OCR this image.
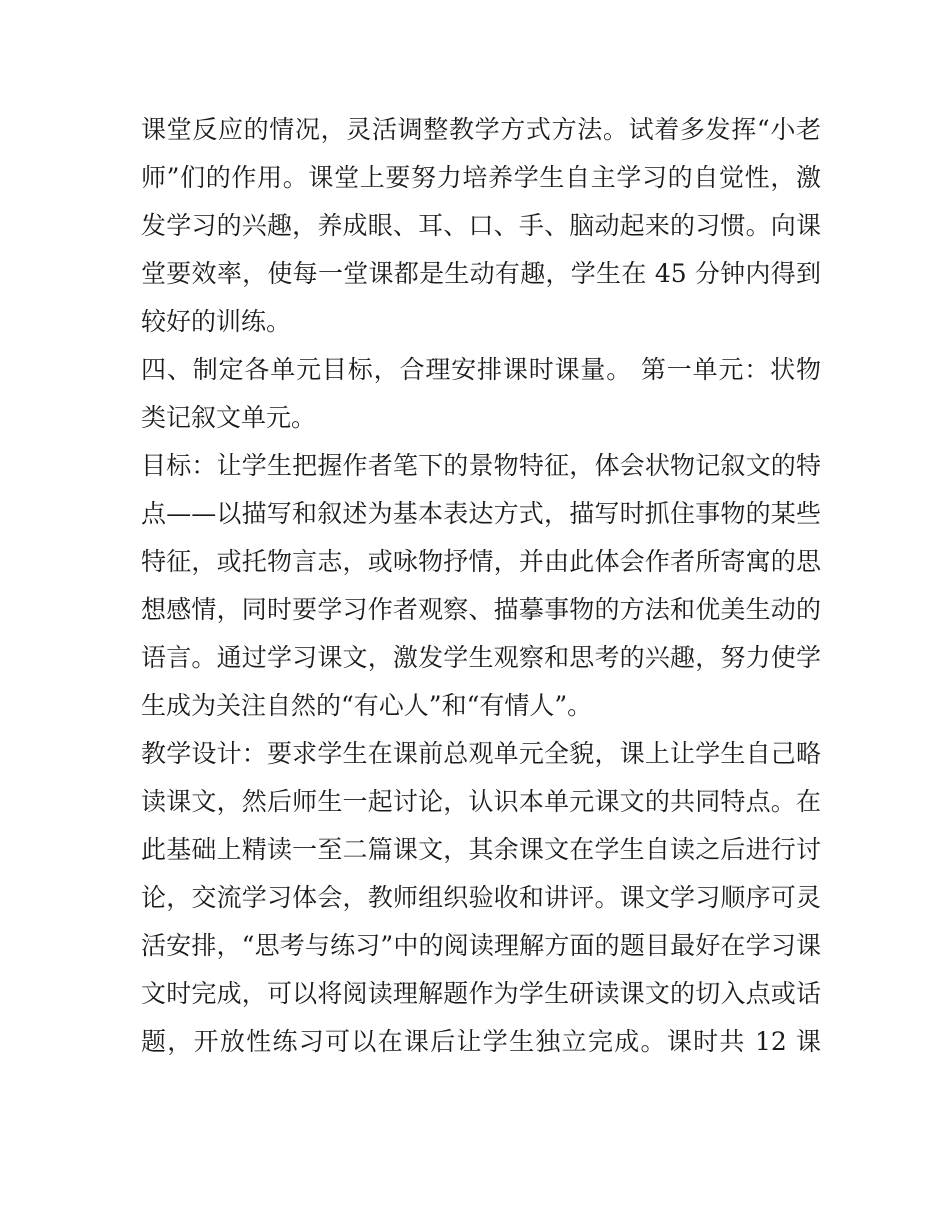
课堂反应的情况，灵活调整教学方式方法。试着多发挥“小老
师”们的作用。课堂上要努力培养学生自主学习的自觉性，激
发学习的兴趣，养成眼、耳、口、手、脑动起来的习惯。向课
堂要效率，使每一堂课都是生动有趣，学生在 45 分钟内得到
较好的训练。
四、制定各单元目标，合理安排课时课量。 第一单元：状物
类记叙文单元。
目标：让学生把握作者笔下的景物特征，体会状物记叙文的特
点——以描写和叙述为基本表达方式，描写时抓住事物的某些
特征，或托物言志，或咏物抒情，并由此体会作者所寄寓的思
想感情，同时要学习作者观察、描摹事物的方法和优美生动的
语言。通过学习课文，激发学生观察和思考的兴趣，努力使学
生成为关注自然的“有心人”和“有情人”。
教学设计：要求学生在课前总观单元全貌，课上让学生自己略
读课文，然后师生一起讨论，认识本单元课文的共同特点。在
此基础上精读一至二篇课文，其余课文在学生自读之后进行讨
论，交流学习体会，教师组织验收和讲评。课文学习顺序可灵
活安排，“思考与练习”中的阅读理解方面的题目最好在学习课
文时完成，可以将阅读理解题作为学生研读课文的切入点或话
题，开放性练习可以在课后让学生独立完成。课时共 12 课
